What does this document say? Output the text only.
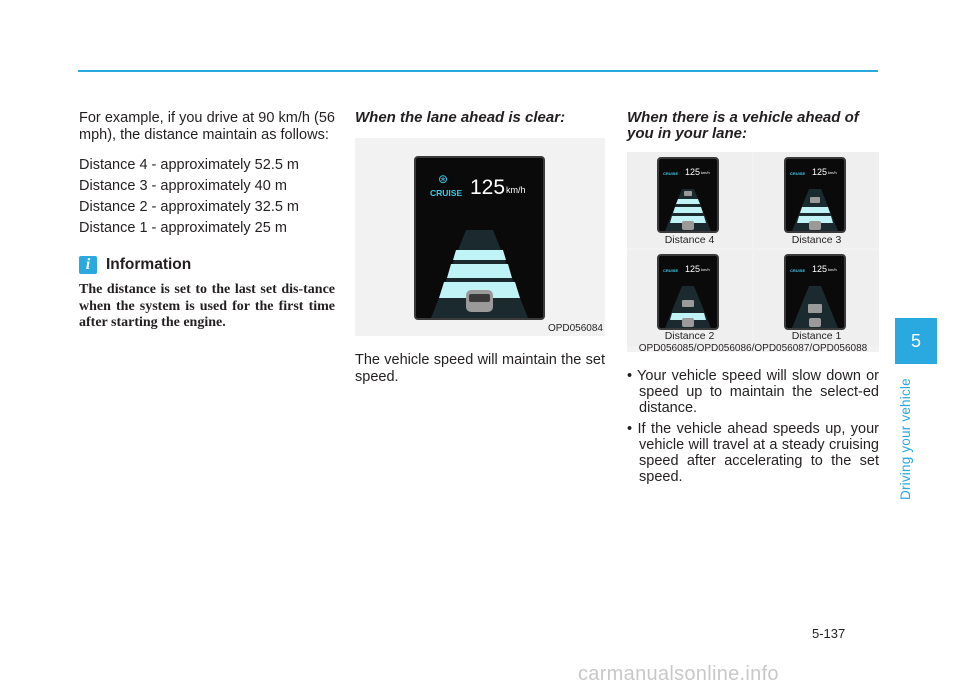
For example, if you drive at 90 km/h (56 mph), the distance maintain as follows:

Distance 4 - approximately 52.5 m

Distance 3 - approximately 40 m

Distance 2 - approximately 32.5 m

Distance 1 - approximately 25 m

i	Information

The distance is set to the last set dis-tance when the system is used for the first time after starting the engine.

When the lane ahead is clear:

⊛
CRUISE 125 km/h
OPD056084

The vehicle speed will maintain the set speed.

When there is a vehicle ahead of you in your lane:

CRUISE 125 km/h
Distance 4
CRUISE 125 km/h
Distance 3
CRUISE 125 km/h
Distance 2
CRUISE 125 km/h
Distance 1
OPD056085/OPD056086/OPD056087/OPD056088
• Your vehicle speed will slow down or speed up to maintain the select-ed distance.
• If the vehicle ahead speeds up, your vehicle will travel at a steady cruising speed after accelerating to the set speed.
5
Driving your vehicle
5-137
carmanualsonline.info
